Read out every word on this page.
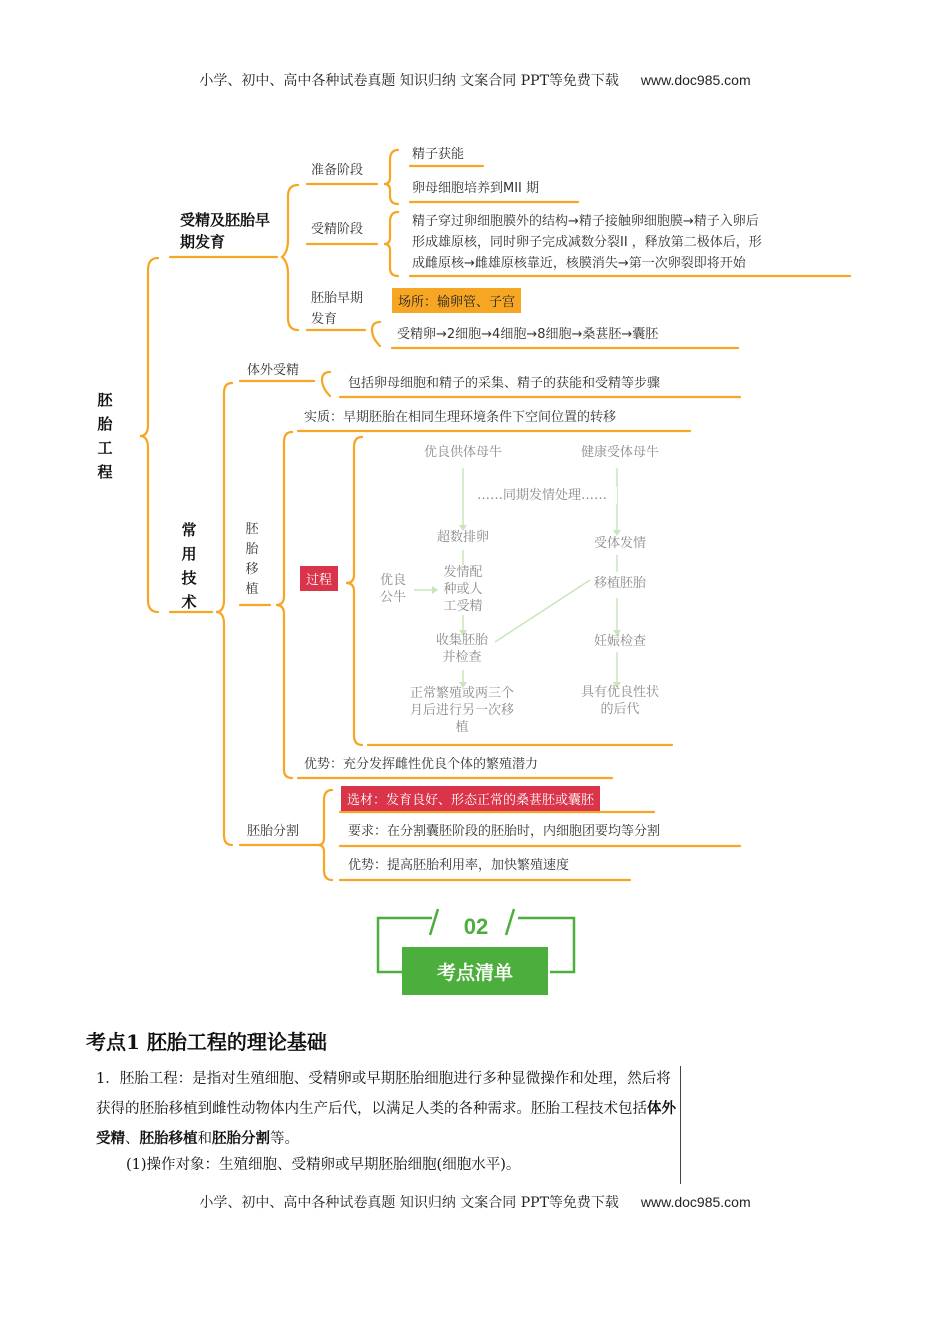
小学、初中、高中各种试卷真题 知识归纳 文案合同 PPT等免费下载 www.doc985.com
胚胎工程
受精及胚胎早期发育
准备阶段
精子获能
卵母细胞培养到MII 期
受精阶段
精子穿过卵细胞膜外的结构→精子接触卵细胞膜→精子入卵后
形成雄原核，同时卵子完成减数分裂II ，释放第二极体后，形
成雌原核→雌雄原核靠近，核膜消失→第一次卵裂即将开始
胚胎早期发育
场所：输卵管、子宫
受精卵→2细胞→4细胞→8细胞→桑葚胚→囊胚
常用技术
体外受精
包括卵母细胞和精子的采集、精子的获能和受精等步骤
胚胎移植
实质：早期胚胎在相同生理环境条件下空间位置的转移
过程
优良供体母牛	健康受体母牛
……同期发情处理……
超数排卵	受体发情
优良公牛
发情配种或人工受精
移植胚胎
收集胚胎并检查
妊娠检查
正常繁殖或两三个月后进行另一次移植
具有优良性状的后代
优势：充分发挥雌性优良个体的繁殖潜力
胚胎分割
选材：发育良好、形态正常的桑葚胚或囊胚
要求：在分割囊胚阶段的胚胎时，内细胞团要均等分割
优势：提高胚胎利用率，加快繁殖速度
02
考点清单
考点1 胚胎工程的理论基础
1．胚胎工程：是指对生殖细胞、受精卵或早期胚胎细胞进行多种显微操作和处理，然后将获得的胚胎移植到雌性动物体内生产后代，以满足人类的各种需求。胚胎工程技术包括体外受精、胚胎移植和胚胎分割等。
(1)操作对象：生殖细胞、受精卵或早期胚胎细胞(细胞水平)。
小学、初中、高中各种试卷真题 知识归纳 文案合同 PPT等免费下载 www.doc985.com
